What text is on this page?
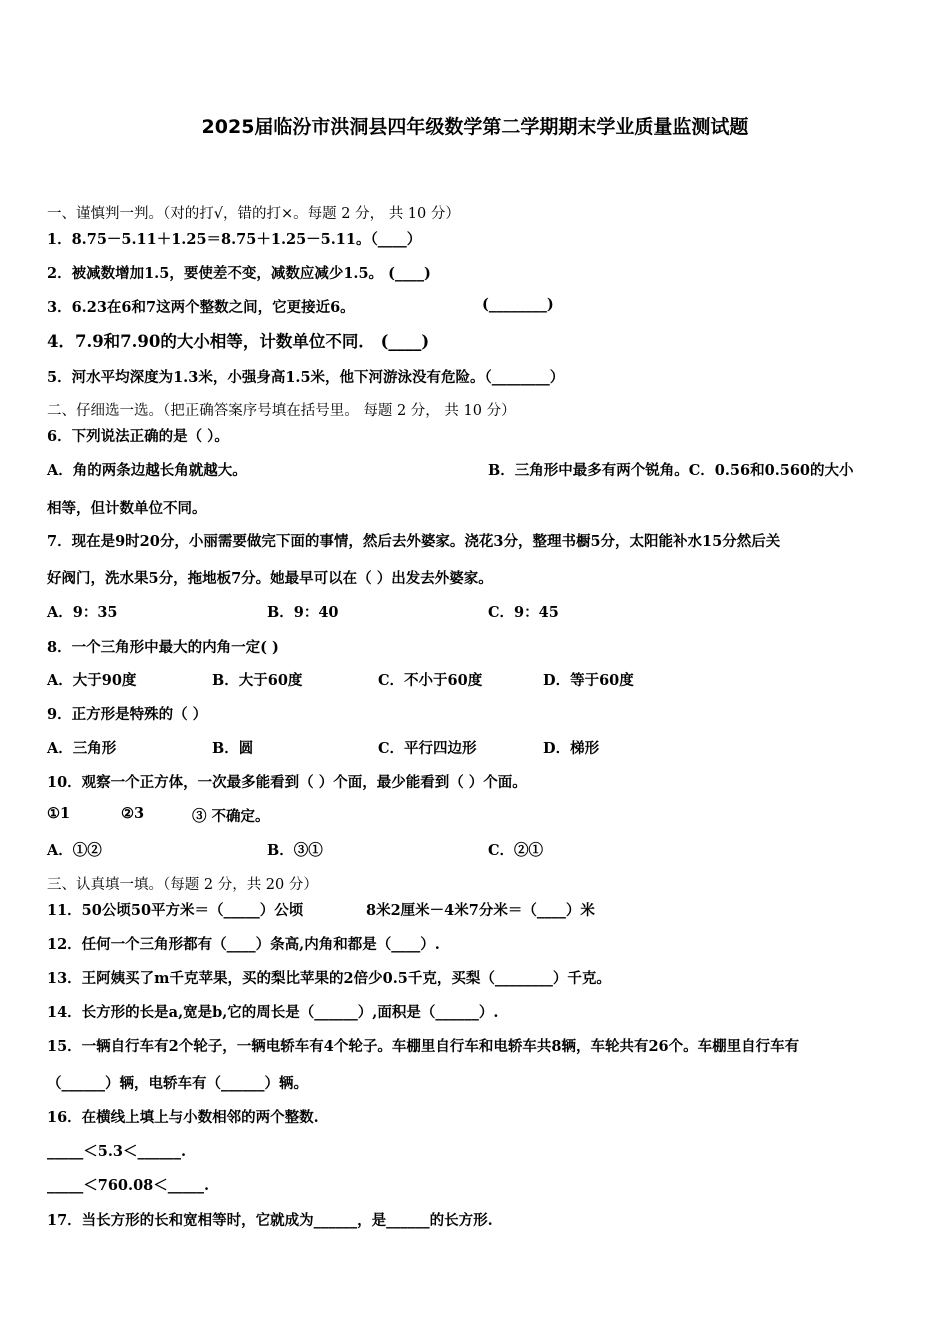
2025届临汾市洪洞县四年级数学第二学期期末学业质量监测试题
一、谨慎判一判。（对的打√，错的打×。每题 2 分， 共 10 分）
1．8.75－5.11＋1.25＝8.75＋1.25－5.11。（____）
2．被减数增加1.5，要使差不变，减数应减少1.5。 (____)
3．6.23在6和7这两个整数之间，它更接近6。	(________)
4．7.9和7.90的大小相等，计数单位不同． (____)
5．河水平均深度为1.3米，小强身高1.5米，他下河游泳没有危险。（________）
二、仔细选一选。（把正确答案序号填在括号里。 每题 2 分， 共 10 分）
6．下列说法正确的是（ ）。
A．角的两条边越长角就越大。	B．三角形中最多有两个锐角。C．0.56和0.560的大小
相等，但计数单位不同。
7．现在是9时20分，小丽需要做完下面的事情，然后去外婆家。浇花3分，整理书橱5分，太阳能补水15分然后关
好阀门，洗水果5分，拖地板7分。她最早可以在（ ）出发去外婆家。
A．9：35	B．9：40	C．9：45
8．一个三角形中最大的内角一定( )
A．大于90度	B．大于60度	C．不小于60度	D．等于60度
9．正方形是特殊的（ ）
A．三角形	B．圆	C．平行四边形	D．梯形
10．观察一个正方体，一次最多能看到（ ）个面，最少能看到（ ）个面。
①1	②3	③ 不确定。
A．①②	B．③①	C．②①
三、认真填一填。（每题 2 分，共 20 分）
11．50公顷50平方米＝（_____）公顷	8米2厘米－4米7分米＝（____）米
12．任何一个三角形都有（____）条高,内角和都是（____）.
13．王阿姨买了m千克苹果，买的梨比苹果的2倍少0.5千克，买梨（________）千克。
14．长方形的长是a,宽是b,它的周长是（______）,面积是（______）.
15．一辆自行车有2个轮子，一辆电轿车有4个轮子。车棚里自行车和电轿车共8辆，车轮共有26个。车棚里自行车有
（______）辆，电轿车有（______）辆。
16．在横线上填上与小数相邻的两个整数.
_____＜5.3＜______.
_____＜760.08＜_____.
17．当长方形的长和宽相等时，它就成为______，是______的长方形.
